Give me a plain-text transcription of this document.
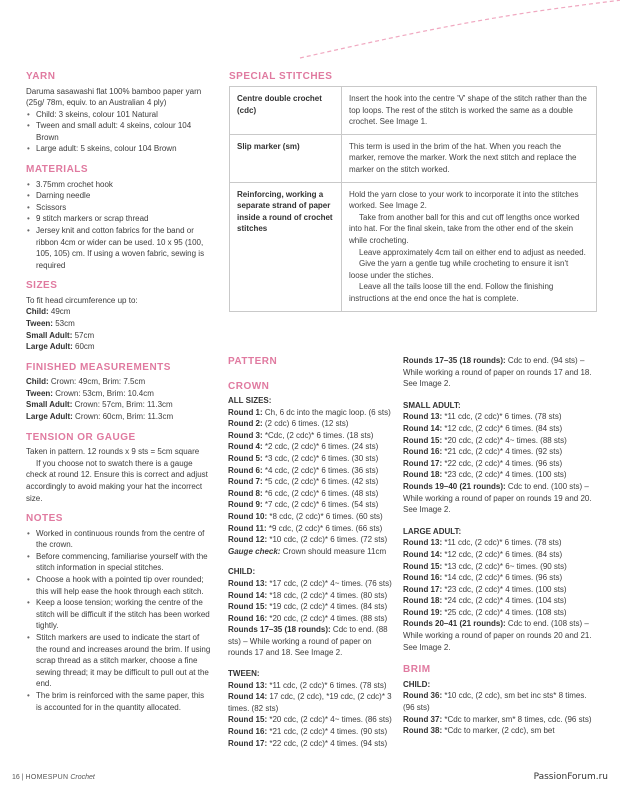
YARN

Daruma sasawashi flat 100% bamboo paper yarn (25g/ 78m, equiv. to an Australian 4 ply)

• Child: 3 skeins, colour 101 Natural
• Tween and small adult: 4 skeins, colour 104 Brown
• Large adult: 5 skeins, colour 104 Brown
MATERIALS
• 3.75mm crochet hook
• Darning needle
• Scissors
• 9 stitch markers or scrap thread
• Jersey knit and cotton fabrics for the band or ribbon 4cm or wider can be used. 10 x 95 (100, 105, 105) cm. If using a woven fabric, sewing is required
SIZES

To fit head circumference up to:

Child: 49cm
Tween: 53cm
Small Adult: 57cm
Large Adult: 60cm
FINISHED MEASUREMENTS
Child: Crown: 49cm, Brim: 7.5cm
Tween: Crown: 53cm, Brim: 10.4cm
Small Adult: Crown: 57cm, Brim: 11.3cm
Large Adult: Crown: 60cm, Brim: 11.3cm
TENSION OR GAUGE

Taken in pattern. 12 rounds x 9 sts = 5cm square

If you choose not to swatch there is a gauge check at round 12. Ensure this is correct and adjust accordingly to avoid making your hat the incorrect size.

NOTES
• Worked in continuous rounds from the centre of the crown.
• Before commencing, familiarise yourself with the stitch information in special stitches.
• Choose a hook with a pointed tip over rounded; this will help ease the hook through each stitch.
• Keep a loose tension; working the centre of the stitch will be difficult if the stitch has been worked tightly.
• Stitch markers are used to indicate the start of the round and increases around the brim. If using scrap thread as a stitch marker, choose a fine sewing thread; it may be difficult to pull out at the end.
• The brim is reinforced with the same paper, this is accounted for in the quantity allocated.
SPECIAL STITCHES
Centre double crochet (cdc)	Insert the hook into the centre 'V' shape of the stitch rather than the top loops. The rest of the stitch is worked the same as a double crochet. See Image 1.
Slip marker (sm)	This term is used in the brim of the hat. When you reach the marker, remove the marker. Work the next stitch and replace the marker on the stitch worked.
Reinforcing, working a separate strand of paper inside a round of crochet stitches	Hold the yarn close to your work to incorporate it into the stitches worked. See Image 2.
Take from another ball for this and cut off lengths once worked into hat. For the final skein, take from the other end of the skein while crocheting.
Leave approximately 4cm tail on either end to adjust as needed.
Give the yarn a gentle tug while crocheting to ensure it isn't loose under the stiches.
Leave all the tails loose till the end. Follow the finishing instructions at the end once the hat is complete.
PATTERN
CROWN
ALL SIZES:
Round 1: Ch, 6 dc into the magic loop. (6 sts)
Round 2: (2 cdc) 6 times. (12 sts)
Round 3: *Cdc, (2 cdc)* 6 times. (18 sts)
Round 4: *2 cdc, (2 cdc)* 6 times. (24 sts)
Round 5: *3 cdc, (2 cdc)* 6 times. (30 sts)
Round 6: *4 cdc, (2 cdc)* 6 times. (36 sts)
Round 7: *5 cdc, (2 cdc)* 6 times. (42 sts)
Round 8: *6 cdc, (2 cdc)* 6 times. (48 sts)
Round 9: *7 cdc, (2 cdc)* 6 times. (54 sts)
Round 10: *8 cdc, (2 cdc)* 6 times. (60 sts)
Round 11: *9 cdc, (2 cdc)* 6 times. (66 sts)
Round 12: *10 cdc, (2 cdc)* 6 times. (72 sts)
Gauge check: Crown should measure 11cm
CHILD:
Round 13: *17 cdc, (2 cdc)* 4~ times. (76 sts)
Round 14: *18 cdc, (2 cdc)* 4 times. (80 sts)
Round 15: *19 cdc, (2 cdc)* 4 times. (84 sts)
Round 16: *20 cdc, (2 cdc)* 4 times. (88 sts)
Rounds 17–35 (18 rounds): Cdc to end. (88 sts) – While working a round of paper on rounds 17 and 18. See Image 2.
TWEEN:
Round 13: *11 cdc, (2 cdc)* 6 times. (78 sts)
Round 14: 17 cdc, (2 cdc), *19 cdc, (2 cdc)* 3 times. (82 sts)
Round 15: *20 cdc, (2 cdc)* 4~ times. (86 sts)
Round 16: *21 cdc, (2 cdc)* 4 times. (90 sts)
Round 17: *22 cdc, (2 cdc)* 4 times. (94 sts)
Rounds 17–35 (18 rounds): Cdc to end. (94 sts) – While working a round of paper on rounds 17 and 18. See Image 2.
SMALL ADULT:
Round 13: *11 cdc, (2 cdc)* 6 times. (78 sts)
Round 14: *12 cdc, (2 cdc)* 6 times. (84 sts)
Round 15: *20 cdc, (2 cdc)* 4~ times. (88 sts)
Round 16: *21 cdc, (2 cdc)* 4 times. (92 sts)
Round 17: *22 cdc, (2 cdc)* 4 times. (96 sts)
Round 18: *23 cdc, (2 cdc)* 4 times. (100 sts)
Rounds 19–40 (21 rounds): Cdc to end. (100 sts) – While working a round of paper on rounds 19 and 20. See Image 2.
LARGE ADULT:
Round 13: *11 cdc, (2 cdc)* 6 times. (78 sts)
Round 14: *12 cdc, (2 cdc)* 6 times. (84 sts)
Round 15: *13 cdc, (2 cdc)* 6~ times. (90 sts)
Round 16: *14 cdc, (2 cdc)* 6 times. (96 sts)
Round 17: *23 cdc, (2 cdc)* 4 times. (100 sts)
Round 18: *24 cdc, (2 cdc)* 4 times. (104 sts)
Round 19: *25 cdc, (2 cdc)* 4 times. (108 sts)
Rounds 20–41 (21 rounds): Cdc to end. (108 sts) – While working a round of paper on rounds 20 and 21. See Image 2.
BRIM
CHILD:
Round 36: *10 cdc, (2 cdc), sm bet inc sts* 8 times. (96 sts)
Round 37: *Cdc to marker, sm* 8 times, cdc. (96 sts)
Round 38: *Cdc to marker, (2 cdc), sm bet
16 | HOMESPUN Crochet	PassionForum.ru
